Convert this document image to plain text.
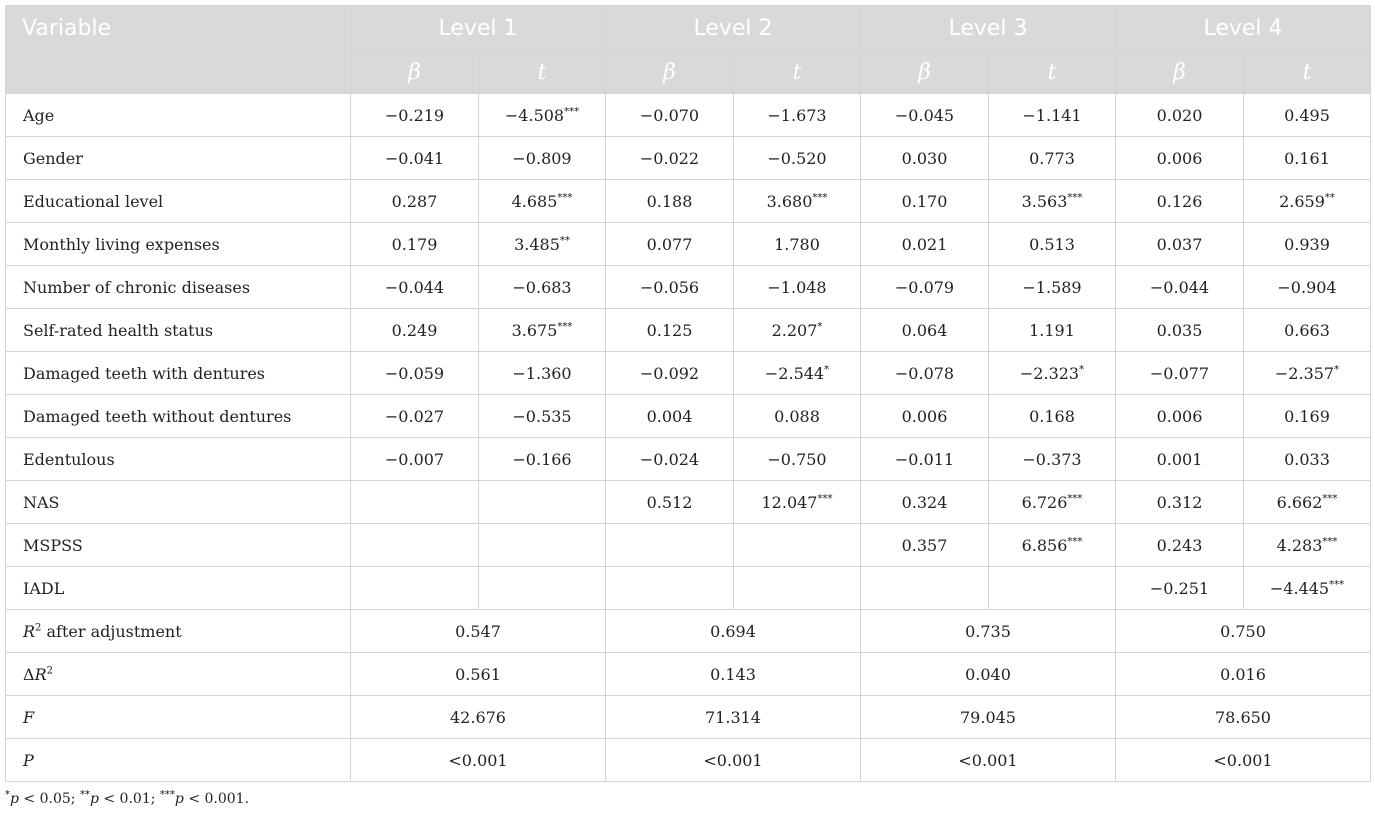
Variable	Level 1		Level 2		Level 3		Level 4	
	β	t	β	t	β	t	β	t
Age	−0.219	−4.508***	−0.070	−1.673	−0.045	−1.141	0.020	0.495
Gender	−0.041	−0.809	−0.022	−0.520	0.030	0.773	0.006	0.161
Educational level	0.287	4.685***	0.188	3.680***	0.170	3.563***	0.126	2.659**
Monthly living expenses	0.179	3.485**	0.077	1.780	0.021	0.513	0.037	0.939
Number of chronic diseases	−0.044	−0.683	−0.056	−1.048	−0.079	−1.589	−0.044	−0.904
Self-rated health status	0.249	3.675***	0.125	2.207*	0.064	1.191	0.035	0.663
Damaged teeth with dentures	−0.059	−1.360	−0.092	−2.544*	−0.078	−2.323*	−0.077	−2.357*
Damaged teeth without dentures	−0.027	−0.535	0.004	0.088	0.006	0.168	0.006	0.169
Edentulous	−0.007	−0.166	−0.024	−0.750	−0.011	−0.373	0.001	0.033
NAS			0.512	12.047***	0.324	6.726***	0.312	6.662***
MSPSS					0.357	6.856***	0.243	4.283***
IADL							−0.251	−4.445***
$R^2$ after adjustment	0.547		0.694		0.735		0.750	
$\Delta R^2$	0.561		0.143		0.040		0.016	
F	42.676		71.314		79.045		78.650	
P	<0.001		<0.001		<0.001		<0.001	
*p < 0.05; **p < 0.01; ***p < 0.001.
